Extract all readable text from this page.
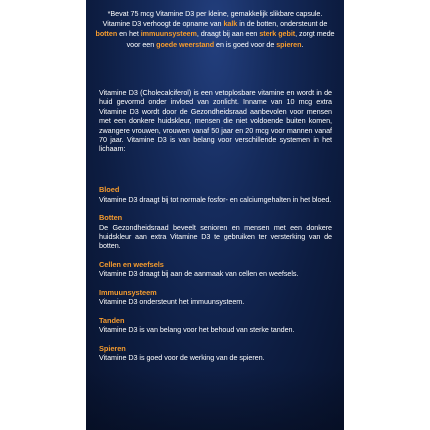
*Bevat 75 mcg Vitamine D3 per kleine, gemakkelijk slikbare capsule. Vitamine D3 verhoogt de opname van kalk in de botten, ondersteunt de botten en het immuunsysteem, draagt bij aan een sterk gebit, zorgt mede voor een goede weerstand en is goed voor de spieren.
Vitamine D3 (Cholecalciferol) is een vetoplosbare vitamine en wordt in de huid gevormd onder invloed van zonlicht. Inname van 10 mcg extra Vitamine D3 wordt door de Gezondheidsraad aanbevolen voor mensen met een donkere huidskleur, mensen die niet voldoende buiten komen, zwangere vrouwen, vrouwen vanaf 50 jaar en 20 mcg voor mannen vanaf 70 jaar. Vitamine D3 is van belang voor verschillende systemen in het lichaam:
Bloed
Vitamine D3 draagt bij tot normale fosfor- en calciumgehalten in het bloed.
Botten
De Gezondheidsraad beveelt senioren en mensen met een donkere huidskleur aan extra Vitamine D3 te gebruiken ter versterking van de botten.
Cellen en weefsels
Vitamine D3 draagt bij aan de aanmaak van cellen en weefsels.
Immuunsysteem
Vitamine D3 ondersteunt het immuunsysteem.
Tanden
Vitamine D3 is van belang voor het behoud van sterke tanden.
Spieren
Vitamine D3 is goed voor de werking van de spieren.
